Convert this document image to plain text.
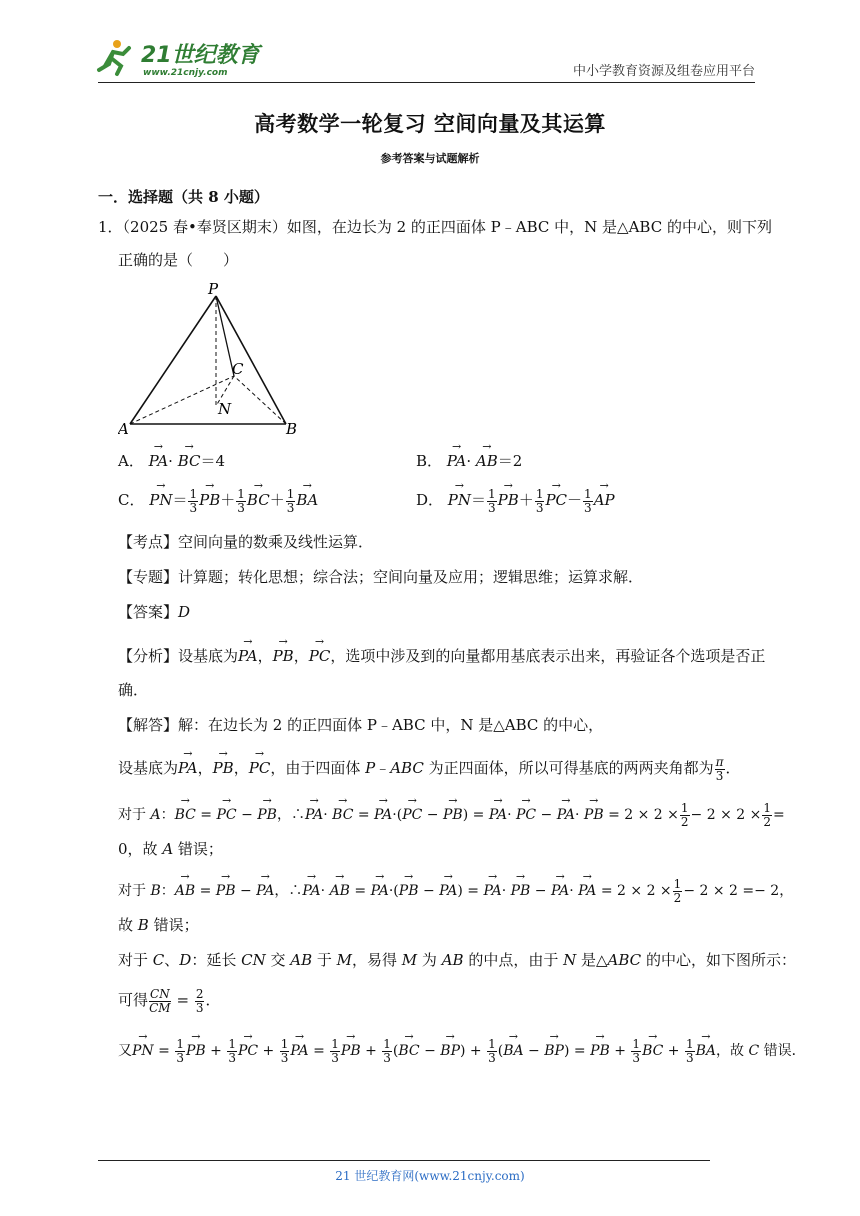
21世纪教育
www.21cnjy.com	中小学教育资源及组卷应用平台
高考数学一轮复习 空间向量及其运算
参考答案与试题解析
一．选择题（共 8 小题）
1．（2025 春•奉贤区期末）如图，在边长为 2 的正四面体 P﹣ABC 中，N 是△ABC 的中心，则下列
正确的是（　　）
P
A	B
C
N
A． → PA· → BC＝4	B． → PA· → AB＝2
C． → $PN= \frac{1}{3}$
→ $PB+ \frac{1}{3}$
→ $BC+ \frac{1}{3}$
→ BA	D． → $PN= \frac{1}{3}$
→ $PB+ \frac{1}{3}$
→ $PC- \frac{1}{3}$
→ AP
【考点】空间向量的数乘及线性运算．
【专题】计算题；转化思想；综合法；空间向量及应用；逻辑思维；运算求解．
【答案】D
【分析】设基底为→ PA，→ PB，→ PC，选项中涉及到的向量都用基底表示出来，再验证各个选项是否正
确．
【解答】解：在边长为 2 的正四面体 P﹣ABC 中，N 是△ABC 的中心，
设基底为→ PA，→ PB，→ PC，由于四面体 P﹣ABC 为正四面体，所以可得基底的两两夹角都为 $\frac{\pi}{3}$ ．
对于 A：→ BC = → PC − → PB，∴→ PA· → BC = → PA·(→ PC − → PB) = → PA· → PC − → PA· → PB = $2 \times 2 \times \frac{1}{2} - 2 \times 2 \times \frac{1}{2}$ =
0，故 A 错误；
对于 B：→ AB = → PB − → PA，∴→ PA· → AB = → PA·(→ PB − → PA) = → PA· → PB − → PA· → PA = $2 \times 2 \times \frac{1}{2} - 2 \times 2 =- 2$，
故 B 错误；
对于 C、D：延长 CN 交 AB 于 M，易得 M 为 AB 的中点，由于 N 是△ABC 的中心，如下图所示：
可得 $\frac{CN}{CM} = \frac{2}{3}$ ．
又→ PN = $\frac{1}{3}$
→ PB + $\frac{1}{3}$
→ PC + $\frac{1}{3}$
→ PA = $\frac{1}{3}$
→ PB + $\frac{1}{3}$ (→ BC − → $BP) + \frac{1}{3}$ (→ BA − → BP) = → PB + $\frac{1}{3}$
→ BC + $\frac{1}{3}$
→ BA，故 C 错误．
21 世纪教育网(www.21cnjy.com)
